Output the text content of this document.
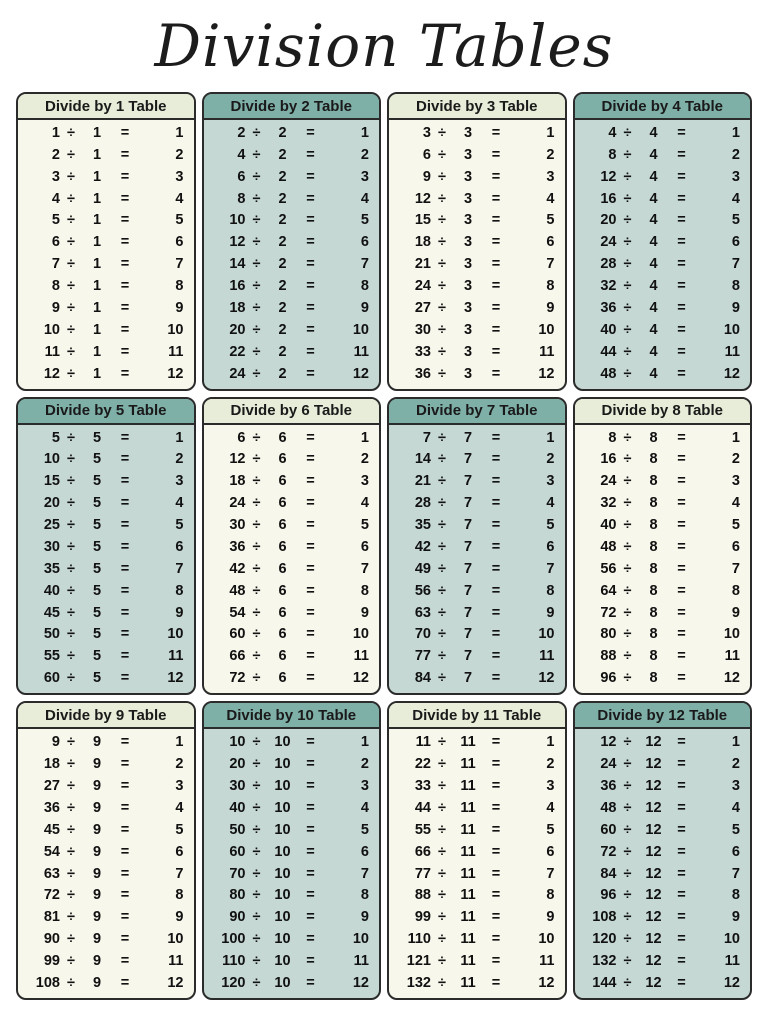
Division Tables
Divide by 1 Table
1 ÷	1	=	1
2 ÷	1	=	2
3 ÷	1	=	3
4 ÷	1	=	4
5 ÷	1	=	5
6 ÷	1	=	6
7 ÷	1	=	7
8 ÷	1	=	8
9 ÷	1	=	9
10 ÷	1	=	10
11 ÷	1	=	11
12 ÷	1	=	12
Divide by 2 Table
2 ÷	2	=	1
4 ÷	2	=	2
6 ÷	2	=	3
8 ÷	2	=	4
10 ÷	2	=	5
12 ÷	2	=	6
14 ÷	2	=	7
16 ÷	2	=	8
18 ÷	2	=	9
20 ÷	2	=	10
22 ÷	2	=	11
24 ÷	2	=	12
Divide by 3 Table
3 ÷	3	=	1
6 ÷	3	=	2
9 ÷	3	=	3
12 ÷	3	=	4
15 ÷	3	=	5
18 ÷	3	=	6
21 ÷	3	=	7
24 ÷	3	=	8
27 ÷	3	=	9
30 ÷	3	=	10
33 ÷	3	=	11
36 ÷	3	=	12
Divide by 4 Table
4 ÷	4	=	1
8 ÷	4	=	2
12 ÷	4	=	3
16 ÷	4	=	4
20 ÷	4	=	5
24 ÷	4	=	6
28 ÷	4	=	7
32 ÷	4	=	8
36 ÷	4	=	9
40 ÷	4	=	10
44 ÷	4	=	11
48 ÷	4	=	12
Divide by 5 Table
5 ÷	5	=	1
10 ÷	5	=	2
15 ÷	5	=	3
20 ÷	5	=	4
25 ÷	5	=	5
30 ÷	5	=	6
35 ÷	5	=	7
40 ÷	5	=	8
45 ÷	5	=	9
50 ÷	5	=	10
55 ÷	5	=	11
60 ÷	5	=	12
Divide by 6 Table
6 ÷	6	=	1
12 ÷	6	=	2
18 ÷	6	=	3
24 ÷	6	=	4
30 ÷	6	=	5
36 ÷	6	=	6
42 ÷	6	=	7
48 ÷	6	=	8
54 ÷	6	=	9
60 ÷	6	=	10
66 ÷	6	=	11
72 ÷	6	=	12
Divide by 7 Table
7 ÷	7	=	1
14 ÷	7	=	2
21 ÷	7	=	3
28 ÷	7	=	4
35 ÷	7	=	5
42 ÷	7	=	6
49 ÷	7	=	7
56 ÷	7	=	8
63 ÷	7	=	9
70 ÷	7	=	10
77 ÷	7	=	11
84 ÷	7	=	12
Divide by 8 Table
8 ÷	8	=	1
16 ÷	8	=	2
24 ÷	8	=	3
32 ÷	8	=	4
40 ÷	8	=	5
48 ÷	8	=	6
56 ÷	8	=	7
64 ÷	8	=	8
72 ÷	8	=	9
80 ÷	8	=	10
88 ÷	8	=	11
96 ÷	8	=	12
Divide by 9 Table
9 ÷	9	=	1
18 ÷	9	=	2
27 ÷	9	=	3
36 ÷	9	=	4
45 ÷	9	=	5
54 ÷	9	=	6
63 ÷	9	=	7
72 ÷	9	=	8
81 ÷	9	=	9
90 ÷	9	=	10
99 ÷	9	=	11
108 ÷	9	=	12
Divide by 10 Table
10 ÷ 10	=	1
20 ÷ 10	=	2
30 ÷ 10	=	3
40 ÷ 10	=	4
50 ÷ 10	=	5
60 ÷ 10	=	6
70 ÷ 10	=	7
80 ÷ 10	=	8
90 ÷ 10	=	9
100 ÷ 10	=	10
110 ÷ 10	=	11
120 ÷ 10	=	12
Divide by 11 Table
11 ÷ 11	=	1
22 ÷ 11	=	2
33 ÷ 11	=	3
44 ÷ 11	=	4
55 ÷ 11	=	5
66 ÷ 11	=	6
77 ÷ 11	=	7
88 ÷ 11	=	8
99 ÷ 11	=	9
110 ÷ 11	=	10
121 ÷ 11	=	11
132 ÷ 11	=	12
Divide by 12 Table
12 ÷ 12	=	1
24 ÷ 12	=	2
36 ÷ 12	=	3
48 ÷ 12	=	4
60 ÷ 12	=	5
72 ÷ 12	=	6
84 ÷ 12	=	7
96 ÷ 12	=	8
108 ÷ 12	=	9
120 ÷ 12	=	10
132 ÷ 12	=	11
144 ÷ 12	=	12
